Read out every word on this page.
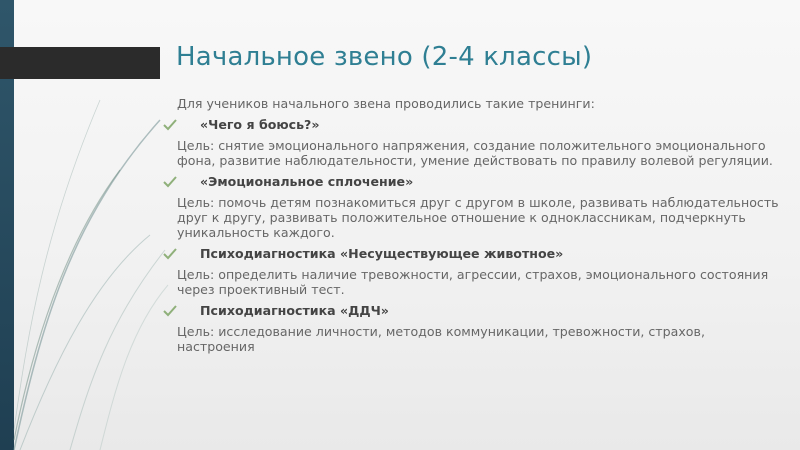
Начальное звено (2-4 классы)

Для учеников начального звена проводились такие тренинги:

«Чего я боюсь?»

Цель: снятие эмоционального напряжения, создание положительного эмоционального фона, развитие наблюдательности, умение действовать по правилу волевой регуляции.

«Эмоциональное сплочение»

Цель: помочь детям познакомиться друг с другом в школе, развивать наблюдательность друг к другу, развивать положительное отношение к одноклассникам, подчеркнуть уникальность каждого.

Психодиагностика «Несуществующее животное»

Цель: определить наличие тревожности, агрессии, страхов, эмоционального состояния через проективный тест.

Психодиагностика «ДДЧ»

Цель: исследование личности, методов коммуникации, тревожности, страхов, настроения
